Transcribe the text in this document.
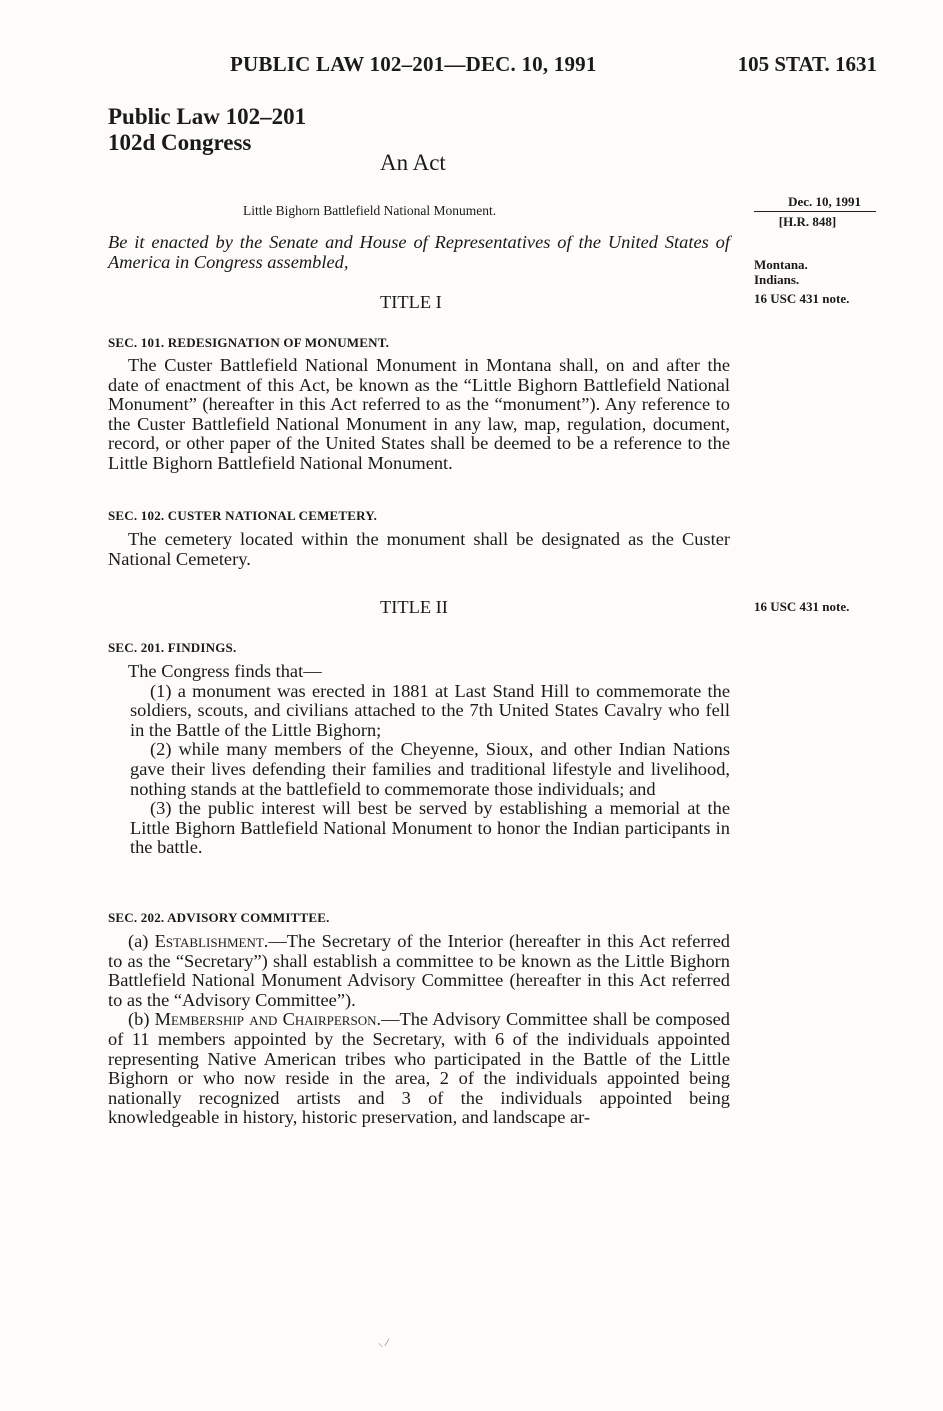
PUBLIC LAW 102–201—DEC. 10, 1991	105 STAT. 1631
Public Law 102–201
102d Congress
An Act
Little Bighorn Battlefield National Monument.
Dec. 10, 1991
[H.R. 848]
Montana.
Indians.
16 USC 431 note.
16 USC 431 note.
Be it enacted by the Senate and House of Representatives of the United States of America in Congress assembled,
TITLE I
SEC. 101. REDESIGNATION OF MONUMENT.

The Custer Battlefield National Monument in Montana shall, on and after the date of enactment of this Act, be known as the “Little Bighorn Battlefield National Monument” (hereafter in this Act referred to as the “monument”). Any reference to the Custer Battlefield National Monument in any law, map, regulation, document, record, or other paper of the United States shall be deemed to be a reference to the Little Bighorn Battlefield National Monument.

SEC. 102. CUSTER NATIONAL CEMETERY.

The cemetery located within the monument shall be designated as the Custer National Cemetery.

TITLE II
SEC. 201. FINDINGS.

The Congress finds that—

(1) a monument was erected in 1881 at Last Stand Hill to commemorate the soldiers, scouts, and civilians attached to the 7th United States Cavalry who fell in the Battle of the Little Bighorn;

(2) while many members of the Cheyenne, Sioux, and other Indian Nations gave their lives defending their families and traditional lifestyle and livelihood, nothing stands at the battlefield to commemorate those individuals; and

(3) the public interest will best be served by establishing a memorial at the Little Bighorn Battlefield National Monument to honor the Indian participants in the battle.

SEC. 202. ADVISORY COMMITTEE.

(a) Establishment.—The Secretary of the Interior (hereafter in this Act referred to as the “Secretary”) shall establish a committee to be known as the Little Bighorn Battlefield National Monument Advisory Committee (hereafter in this Act referred to as the “Advisory Committee”).

(b) Membership and Chairperson.—The Advisory Committee shall be composed of 11 members appointed by the Secretary, with 6 of the individuals appointed representing Native American tribes who participated in the Battle of the Little Bighorn or who now reside in the area, 2 of the individuals appointed being nationally recognized artists and 3 of the individuals appointed being knowledgeable in history, historic preservation, and landscape ar-

⸜ ⁄
